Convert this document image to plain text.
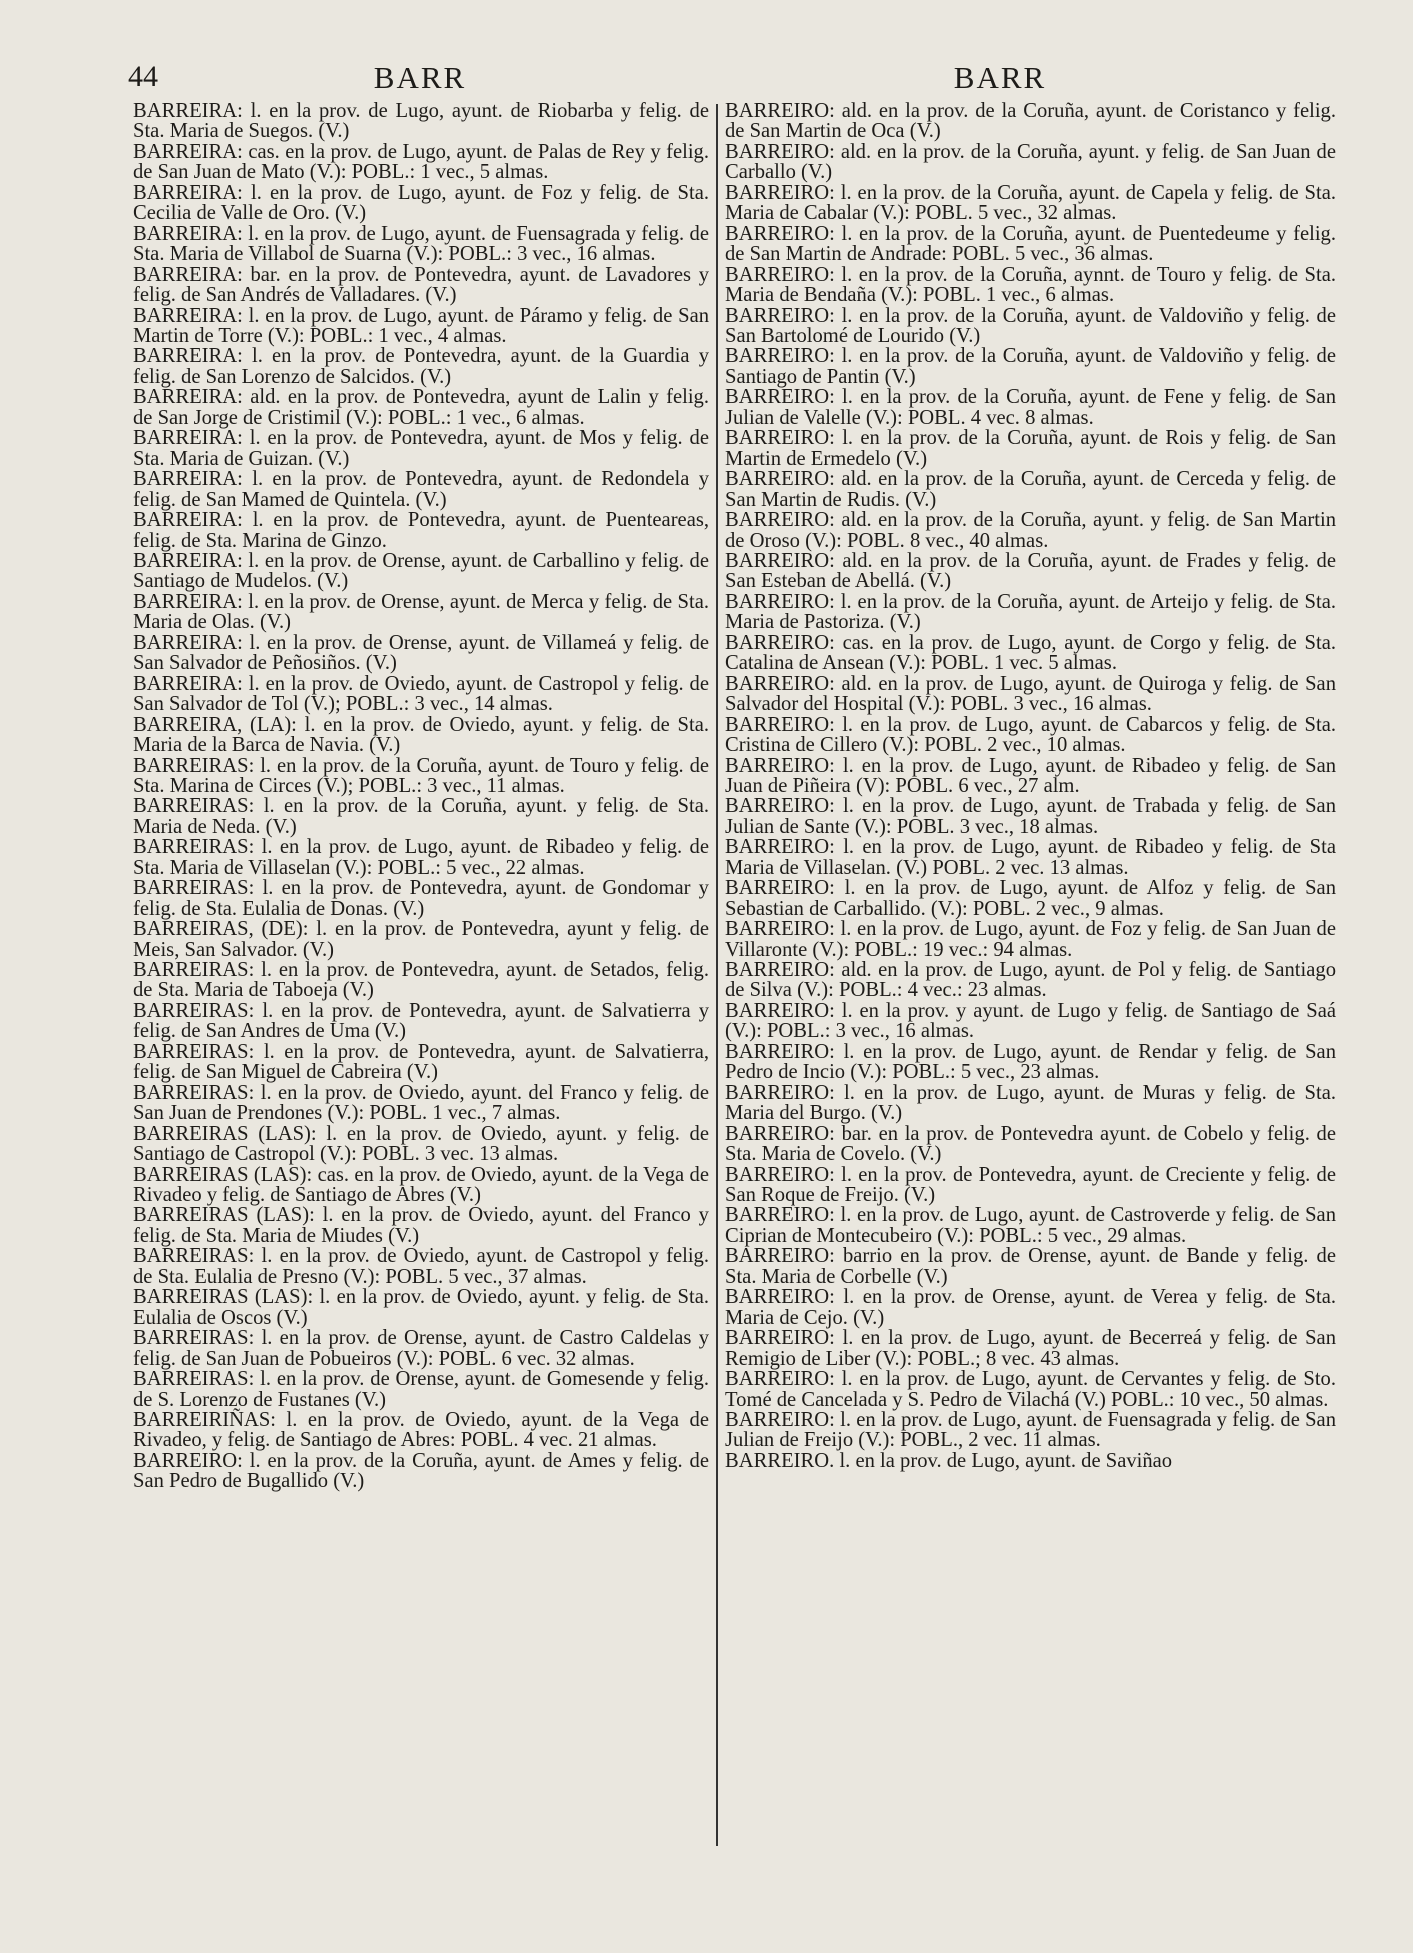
44	BARR	BARR

BARREIRA: l. en la prov. de Lugo, ayunt. de Riobarba y felig. de Sta. Maria de Suegos. (V.)

BARREIRA: cas. en la prov. de Lugo, ayunt. de Palas de Rey y felig. de San Juan de Mato (V.): POBL.: 1 vec., 5 almas.

BARREIRA: l. en la prov. de Lugo, ayunt. de Foz y felig. de Sta. Cecilia de Valle de Oro. (V.)

BARREIRA: l. en la prov. de Lugo, ayunt. de Fuensagrada y felig. de Sta. Maria de Villabol de Suarna (V.): POBL.: 3 vec., 16 almas.

BARREIRA: bar. en la prov. de Pontevedra, ayunt. de Lavadores y felig. de San Andrés de Valladares. (V.)

BARREIRA: l. en la prov. de Lugo, ayunt. de Páramo y felig. de San Martin de Torre (V.): POBL.: 1 vec., 4 almas.

BARREIRA: l. en la prov. de Pontevedra, ayunt. de la Guardia y felig. de San Lorenzo de Salcidos. (V.)

BARREIRA: ald. en la prov. de Pontevedra, ayunt de Lalin y felig. de San Jorge de Cristimil (V.): POBL.: 1 vec., 6 almas.

BARREIRA: l. en la prov. de Pontevedra, ayunt. de Mos y felig. de Sta. Maria de Guizan. (V.)

BARREIRA: l. en la prov. de Pontevedra, ayunt. de Redondela y felig. de San Mamed de Quintela. (V.)

BARREIRA: l. en la prov. de Pontevedra, ayunt. de Puenteareas, felig. de Sta. Marina de Ginzo.

BARREIRA: l. en la prov. de Orense, ayunt. de Carballino y felig. de Santiago de Mudelos. (V.)

BARREIRA: l. en la prov. de Orense, ayunt. de Merca y felig. de Sta. Maria de Olas. (V.)

BARREIRA: l. en la prov. de Orense, ayunt. de Villameá y felig. de San Salvador de Peñosiños. (V.)

BARREIRA: l. en la prov. de Oviedo, ayunt. de Castropol y felig. de San Salvador de Tol (V.); POBL.: 3 vec., 14 almas.

BARREIRA, (LA): l. en la prov. de Oviedo, ayunt. y felig. de Sta. Maria de la Barca de Navia. (V.)

BARREIRAS: l. en la prov. de la Coruña, ayunt. de Touro y felig. de Sta. Marina de Circes (V.); POBL.: 3 vec., 11 almas.

BARREIRAS: l. en la prov. de la Coruña, ayunt. y felig. de Sta. Maria de Neda. (V.)

BARREIRAS: l. en la prov. de Lugo, ayunt. de Ribadeo y felig. de Sta. Maria de Villaselan (V.): POBL.: 5 vec., 22 almas.

BARREIRAS: l. en la prov. de Pontevedra, ayunt. de Gondomar y felig. de Sta. Eulalia de Donas. (V.)

BARREIRAS, (DE): l. en la prov. de Pontevedra, ayunt y felig. de Meis, San Salvador. (V.)

BARREIRAS: l. en la prov. de Pontevedra, ayunt. de Setados, felig. de Sta. Maria de Taboeja (V.)

BARREIRAS: l. en la prov. de Pontevedra, ayunt. de Salvatierra y felig. de San Andres de Uma (V.)

BARREIRAS: l. en la prov. de Pontevedra, ayunt. de Salvatierra, felig. de San Miguel de Cabreira (V.)

BARREIRAS: l. en la prov. de Oviedo, ayunt. del Franco y felig. de San Juan de Prendones (V.): POBL. 1 vec., 7 almas.

BARREIRAS (LAS): l. en la prov. de Oviedo, ayunt. y felig. de Santiago de Castropol (V.): POBL. 3 vec. 13 almas.

BARREIRAS (LAS): cas. en la prov. de Oviedo, ayunt. de la Vega de Rivadeo y felig. de Santiago de Abres (V.)

BARREIRAS (LAS): l. en la prov. de Oviedo, ayunt. del Franco y felig. de Sta. Maria de Miudes (V.)

BARREIRAS: l. en la prov. de Oviedo, ayunt. de Castropol y felig. de Sta. Eulalia de Presno (V.): POBL. 5 vec., 37 almas.

BARREIRAS (LAS): l. en la prov. de Oviedo, ayunt. y felig. de Sta. Eulalia de Oscos (V.)

BARREIRAS: l. en la prov. de Orense, ayunt. de Castro Caldelas y felig. de San Juan de Pobueiros (V.): POBL. 6 vec. 32 almas.

BARREIRAS: l. en la prov. de Orense, ayunt. de Gomesende y felig. de S. Lorenzo de Fustanes (V.)

BARREIRIÑAS: l. en la prov. de Oviedo, ayunt. de la Vega de Rivadeo, y felig. de Santiago de Abres: POBL. 4 vec. 21 almas.

BARREIRO: l. en la prov. de la Coruña, ayunt. de Ames y felig. de San Pedro de Bugallido (V.)

BARREIRO: ald. en la prov. de la Coruña, ayunt. de Coristanco y felig. de San Martin de Oca (V.)

BARREIRO: ald. en la prov. de la Coruña, ayunt. y felig. de San Juan de Carballo (V.)

BARREIRO: l. en la prov. de la Coruña, ayunt. de Capela y felig. de Sta. Maria de Cabalar (V.): POBL. 5 vec., 32 almas.

BARREIRO: l. en la prov. de la Coruña, ayunt. de Puentedeume y felig. de San Martin de Andrade: POBL. 5 vec., 36 almas.

BARREIRO: l. en la prov. de la Coruña, aynnt. de Touro y felig. de Sta. Maria de Bendaña (V.): POBL. 1 vec., 6 almas.

BARREIRO: l. en la prov. de la Coruña, ayunt. de Valdoviño y felig. de San Bartolomé de Lourido (V.)

BARREIRO: l. en la prov. de la Coruña, ayunt. de Valdoviño y felig. de Santiago de Pantin (V.)

BARREIRO: l. en la prov. de la Coruña, ayunt. de Fene y felig. de San Julian de Valelle (V.): POBL. 4 vec. 8 almas.

BARREIRO: l. en la prov. de la Coruña, ayunt. de Rois y felig. de San Martin de Ermedelo (V.)

BARREIRO: ald. en la prov. de la Coruña, ayunt. de Cerceda y felig. de San Martin de Rudis. (V.)

BARREIRO: ald. en la prov. de la Coruña, ayunt. y felig. de San Martin de Oroso (V.): POBL. 8 vec., 40 almas.

BARREIRO: ald. en la prov. de la Coruña, ayunt. de Frades y felig. de San Esteban de Abellá. (V.)

BARREIRO: l. en la prov. de la Coruña, ayunt. de Arteijo y felig. de Sta. Maria de Pastoriza. (V.)

BARREIRO: cas. en la prov. de Lugo, ayunt. de Corgo y felig. de Sta. Catalina de Ansean (V.): POBL. 1 vec. 5 almas.

BARREIRO: ald. en la prov. de Lugo, ayunt. de Quiroga y felig. de San Salvador del Hospital (V.): POBL. 3 vec., 16 almas.

BARREIRO: l. en la prov. de Lugo, ayunt. de Cabarcos y felig. de Sta. Cristina de Cillero (V.): POBL. 2 vec., 10 almas.

BARREIRO: l. en la prov. de Lugo, ayunt. de Ribadeo y felig. de San Juan de Piñeira (V): POBL. 6 vec., 27 alm.

BARREIRO: l. en la prov. de Lugo, ayunt. de Trabada y felig. de San Julian de Sante (V.): POBL. 3 vec., 18 almas.

BARREIRO: l. en la prov. de Lugo, ayunt. de Ribadeo y felig. de Sta Maria de Villaselan. (V.) POBL. 2 vec. 13 almas.

BARREIRO: l. en la prov. de Lugo, ayunt. de Alfoz y felig. de San Sebastian de Carballido. (V.): POBL. 2 vec., 9 almas.

BARREIRO: l. en la prov. de Lugo, ayunt. de Foz y felig. de San Juan de Villaronte (V.): POBL.: 19 vec.: 94 almas.

BARREIRO: ald. en la prov. de Lugo, ayunt. de Pol y felig. de Santiago de Silva (V.): POBL.: 4 vec.: 23 almas.

BARREIRO: l. en la prov. y ayunt. de Lugo y felig. de Santiago de Saá (V.): POBL.: 3 vec., 16 almas.

BARREIRO: l. en la prov. de Lugo, ayunt. de Rendar y felig. de San Pedro de Incio (V.): POBL.: 5 vec., 23 almas.

BARREIRO: l. en la prov. de Lugo, ayunt. de Muras y felig. de Sta. Maria del Burgo. (V.)

BARREIRO: bar. en la prov. de Pontevedra ayunt. de Cobelo y felig. de Sta. Maria de Covelo. (V.)

BARREIRO: l. en la prov. de Pontevedra, ayunt. de Creciente y felig. de San Roque de Freijo. (V.)

BARREIRO: l. en la prov. de Lugo, ayunt. de Castroverde y felig. de San Ciprian de Montecubeiro (V.): POBL.: 5 vec., 29 almas.

BARREIRO: barrio en la prov. de Orense, ayunt. de Bande y felig. de Sta. Maria de Corbelle (V.)

BARREIRO: l. en la prov. de Orense, ayunt. de Verea y felig. de Sta. Maria de Cejo. (V.)

BARREIRO: l. en la prov. de Lugo, ayunt. de Becerreá y felig. de San Remigio de Liber (V.): POBL.; 8 vec. 43 almas.

BARREIRO: l. en la prov. de Lugo, ayunt. de Cervantes y felig. de Sto. Tomé de Cancelada y S. Pedro de Vilachá (V.) POBL.: 10 vec., 50 almas.

BARREIRO: l. en la prov. de Lugo, ayunt. de Fuensagrada y felig. de San Julian de Freijo (V.): POBL., 2 vec. 11 almas.

BARREIRO. l. en la prov. de Lugo, ayunt. de Saviñao
